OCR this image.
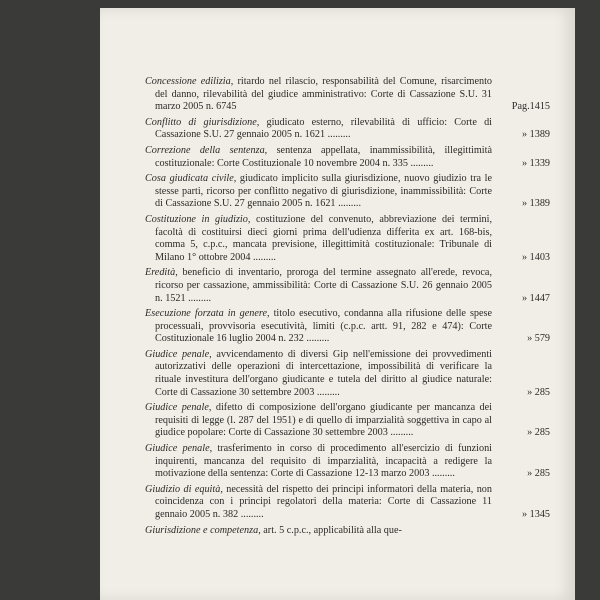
Concessione edilizia, ritardo nel rilascio, responsabilità del Comune, risarcimento del danno, rilevabilità del giudice amministrativo: Corte di Cassazione S.U. 31 marzo 2005 n. 6745	Pag.1415
Conflitto di giurisdizione, giudicato esterno, rilevabilità di ufficio: Corte di Cassazione S.U. 27 gennaio 2005 n. 1621 .........	» 1389
Correzione della sentenza, sentenza appellata, inammissibilità, illegittimità costituzionale: Corte Costituzionale 10 novembre 2004 n. 335 .........	» 1339
Cosa giudicata civile, giudicato implicito sulla giurisdizione, nuovo giudizio tra le stesse parti, ricorso per conflitto negativo di giurisdizione, inammissibilità: Corte di Cassazione S.U. 27 gennaio 2005 n. 1621 .........	» 1389
Costituzione in giudizio, costituzione del convenuto, abbreviazione dei termini, facoltà di costituirsi dieci giorni prima dell'udienza differita ex art. 168-bis, comma 5, c.p.c., mancata previsione, illegittimità costituzionale: Tribunale di Milano 1° ottobre 2004 .........	» 1403
Eredità, beneficio di inventario, proroga del termine assegnato all'erede, revoca, ricorso per cassazione, ammissibilità: Corte di Cassazione S.U. 26 gennaio 2005 n. 1521 .........	» 1447
Esecuzione forzata in genere, titolo esecutivo, condanna alla rifusione delle spese processuali, provvisoria esecutività, limiti (c.p.c. artt. 91, 282 e 474): Corte Costituzionale 16 luglio 2004 n. 232 .........	» 579
Giudice penale, avvicendamento di diversi Gip nell'emissione dei provvedimenti autorizzativi delle operazioni di intercettazione, impossibilità di verificare la rituale investitura dell'organo giudicante e tutela del diritto al giudice naturale: Corte di Cassazione 30 settembre 2003 .........	» 285
Giudice penale, difetto di composizione dell'organo giudicante per mancanza dei requisiti di legge (l. 287 del 1951) e di quello di imparzialità soggettiva in capo al giudice popolare: Corte di Cassazione 30 settembre 2003 .........	» 285
Giudice penale, trasferimento in corso di procedimento all'esercizio di funzioni inquirenti, mancanza del requisito di imparzialità, incapacità a redigere la motivazione della sentenza: Corte di Cassazione 12-13 marzo 2003 .........	» 285
Giudizio di equità, necessità del rispetto dei principi informatori della materia, non coincidenza con i principi regolatori della materia: Corte di Cassazione 11 gennaio 2005 n. 382 .........	» 1345
Giurisdizione e competenza, art. 5 c.p.c., applicabilità alla que-
